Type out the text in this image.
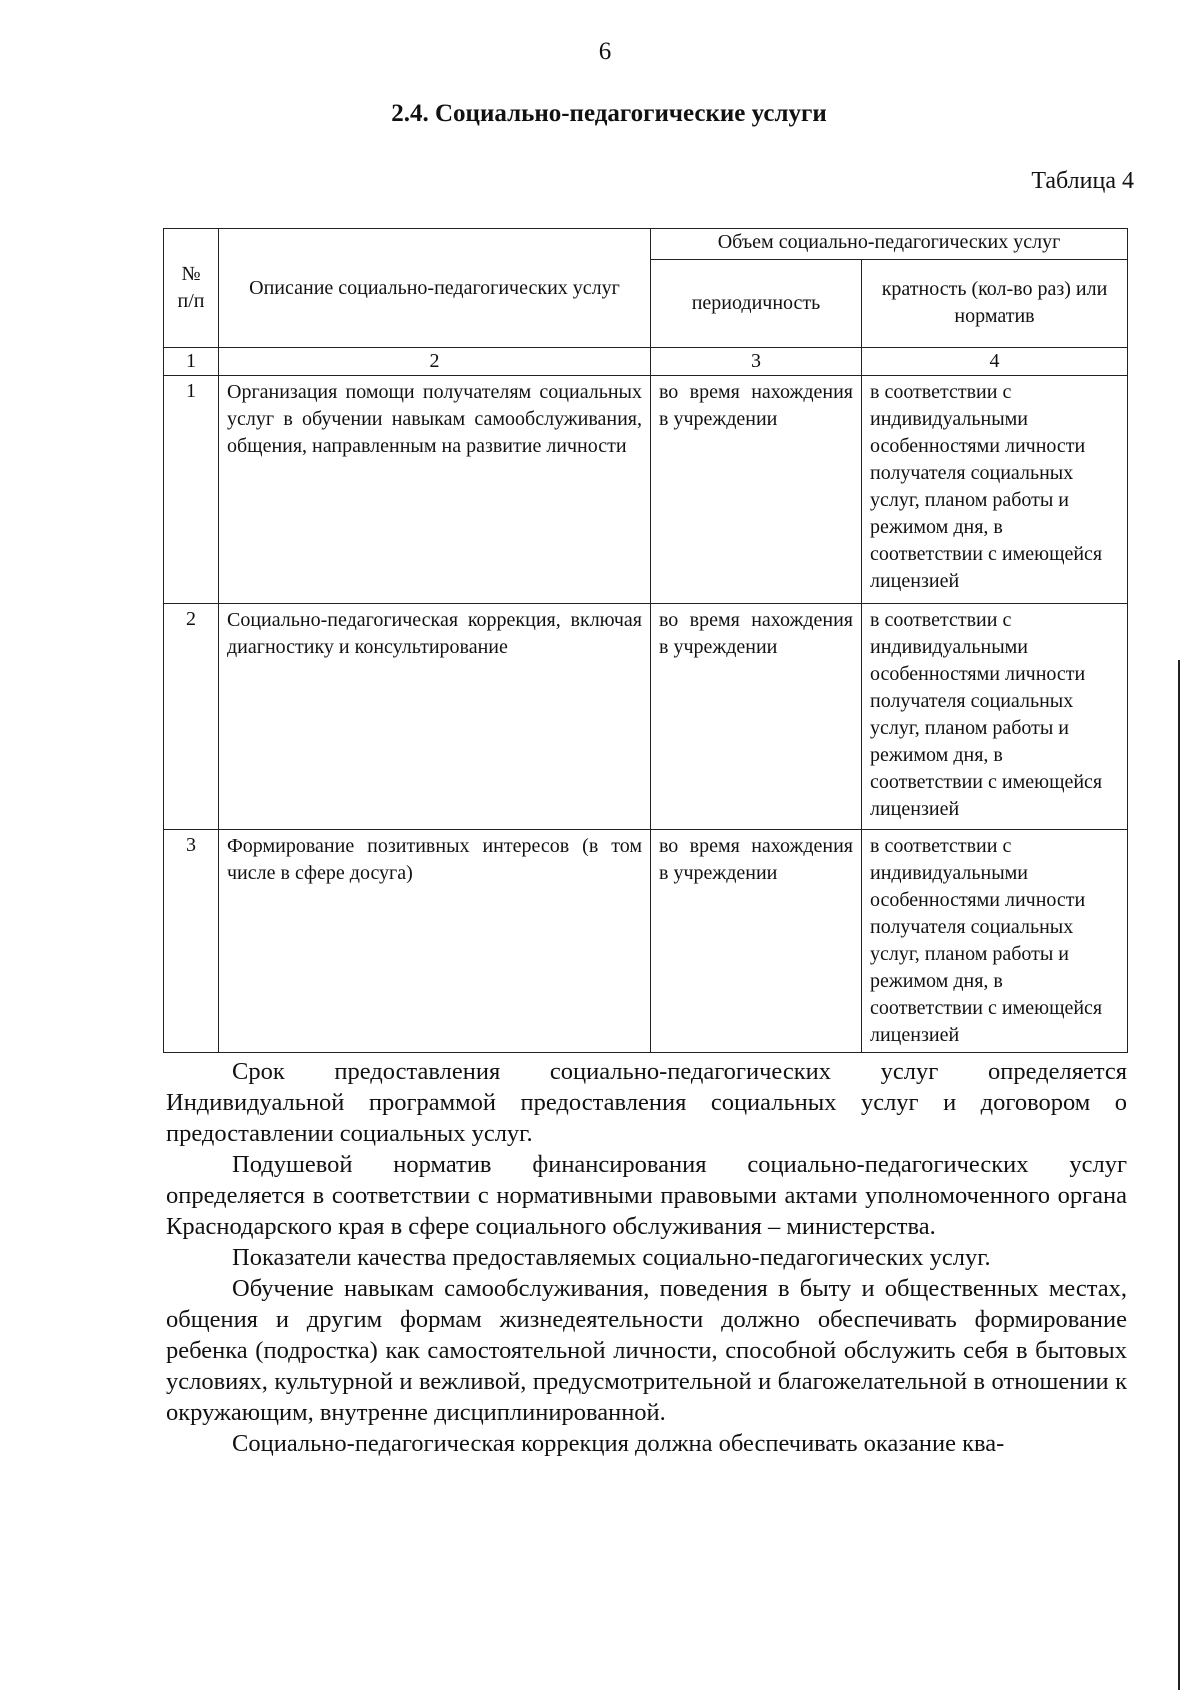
6
2.4. Социально-педагогические услуги
Таблица 4
№ п/п	Описание социально-педагогических услуг	Объем социально-педагогических услуг	
		периодичность	кратность (кол-во раз) или норматив
1	2	3	4
1	Организация помощи получателям социальных услуг в обучении навыкам самообслуживания, общения, направленным на развитие личности	во время нахождения в учреждении	в соответствии с индивидуальными особенностями личности получателя социальных услуг, планом работы и режимом дня, в соответствии с имеющейся лицензией
2	Социально-педагогическая коррекция, включая диагностику и консультирование	во время нахождения в учреждении	в соответствии с индивидуальными особенностями личности получателя социальных услуг, планом работы и режимом дня, в соответствии с имеющейся лицензией
3	Формирование позитивных интересов (в том числе в сфере досуга)	во время нахождения в учреждении	в соответствии с индивидуальными особенностями личности получателя социальных услуг, планом работы и режимом дня, в соответствии с имеющейся лицензией

Срок предоставления социально-педагогических услуг определяется Индивидуальной программой предоставления социальных услуг и договором о предоставлении социальных услуг.

Подушевой норматив финансирования социально-педагогических услуг определяется в соответствии с нормативными правовыми актами уполномоченного органа Краснодарского края в сфере социального обслуживания – министерства.

Показатели качества предоставляемых социально-педагогических услуг.

Обучение навыкам самообслуживания, поведения в быту и общественных местах, общения и другим формам жизнедеятельности должно обеспечивать формирование ребенка (подростка) как самостоятельной личности, способной обслужить себя в бытовых условиях, культурной и вежливой, предусмотрительной и благожелательной в отношении к окружающим, внутренне дисциплинированной.

Социально-педагогическая коррекция должна обеспечивать оказание ква-
